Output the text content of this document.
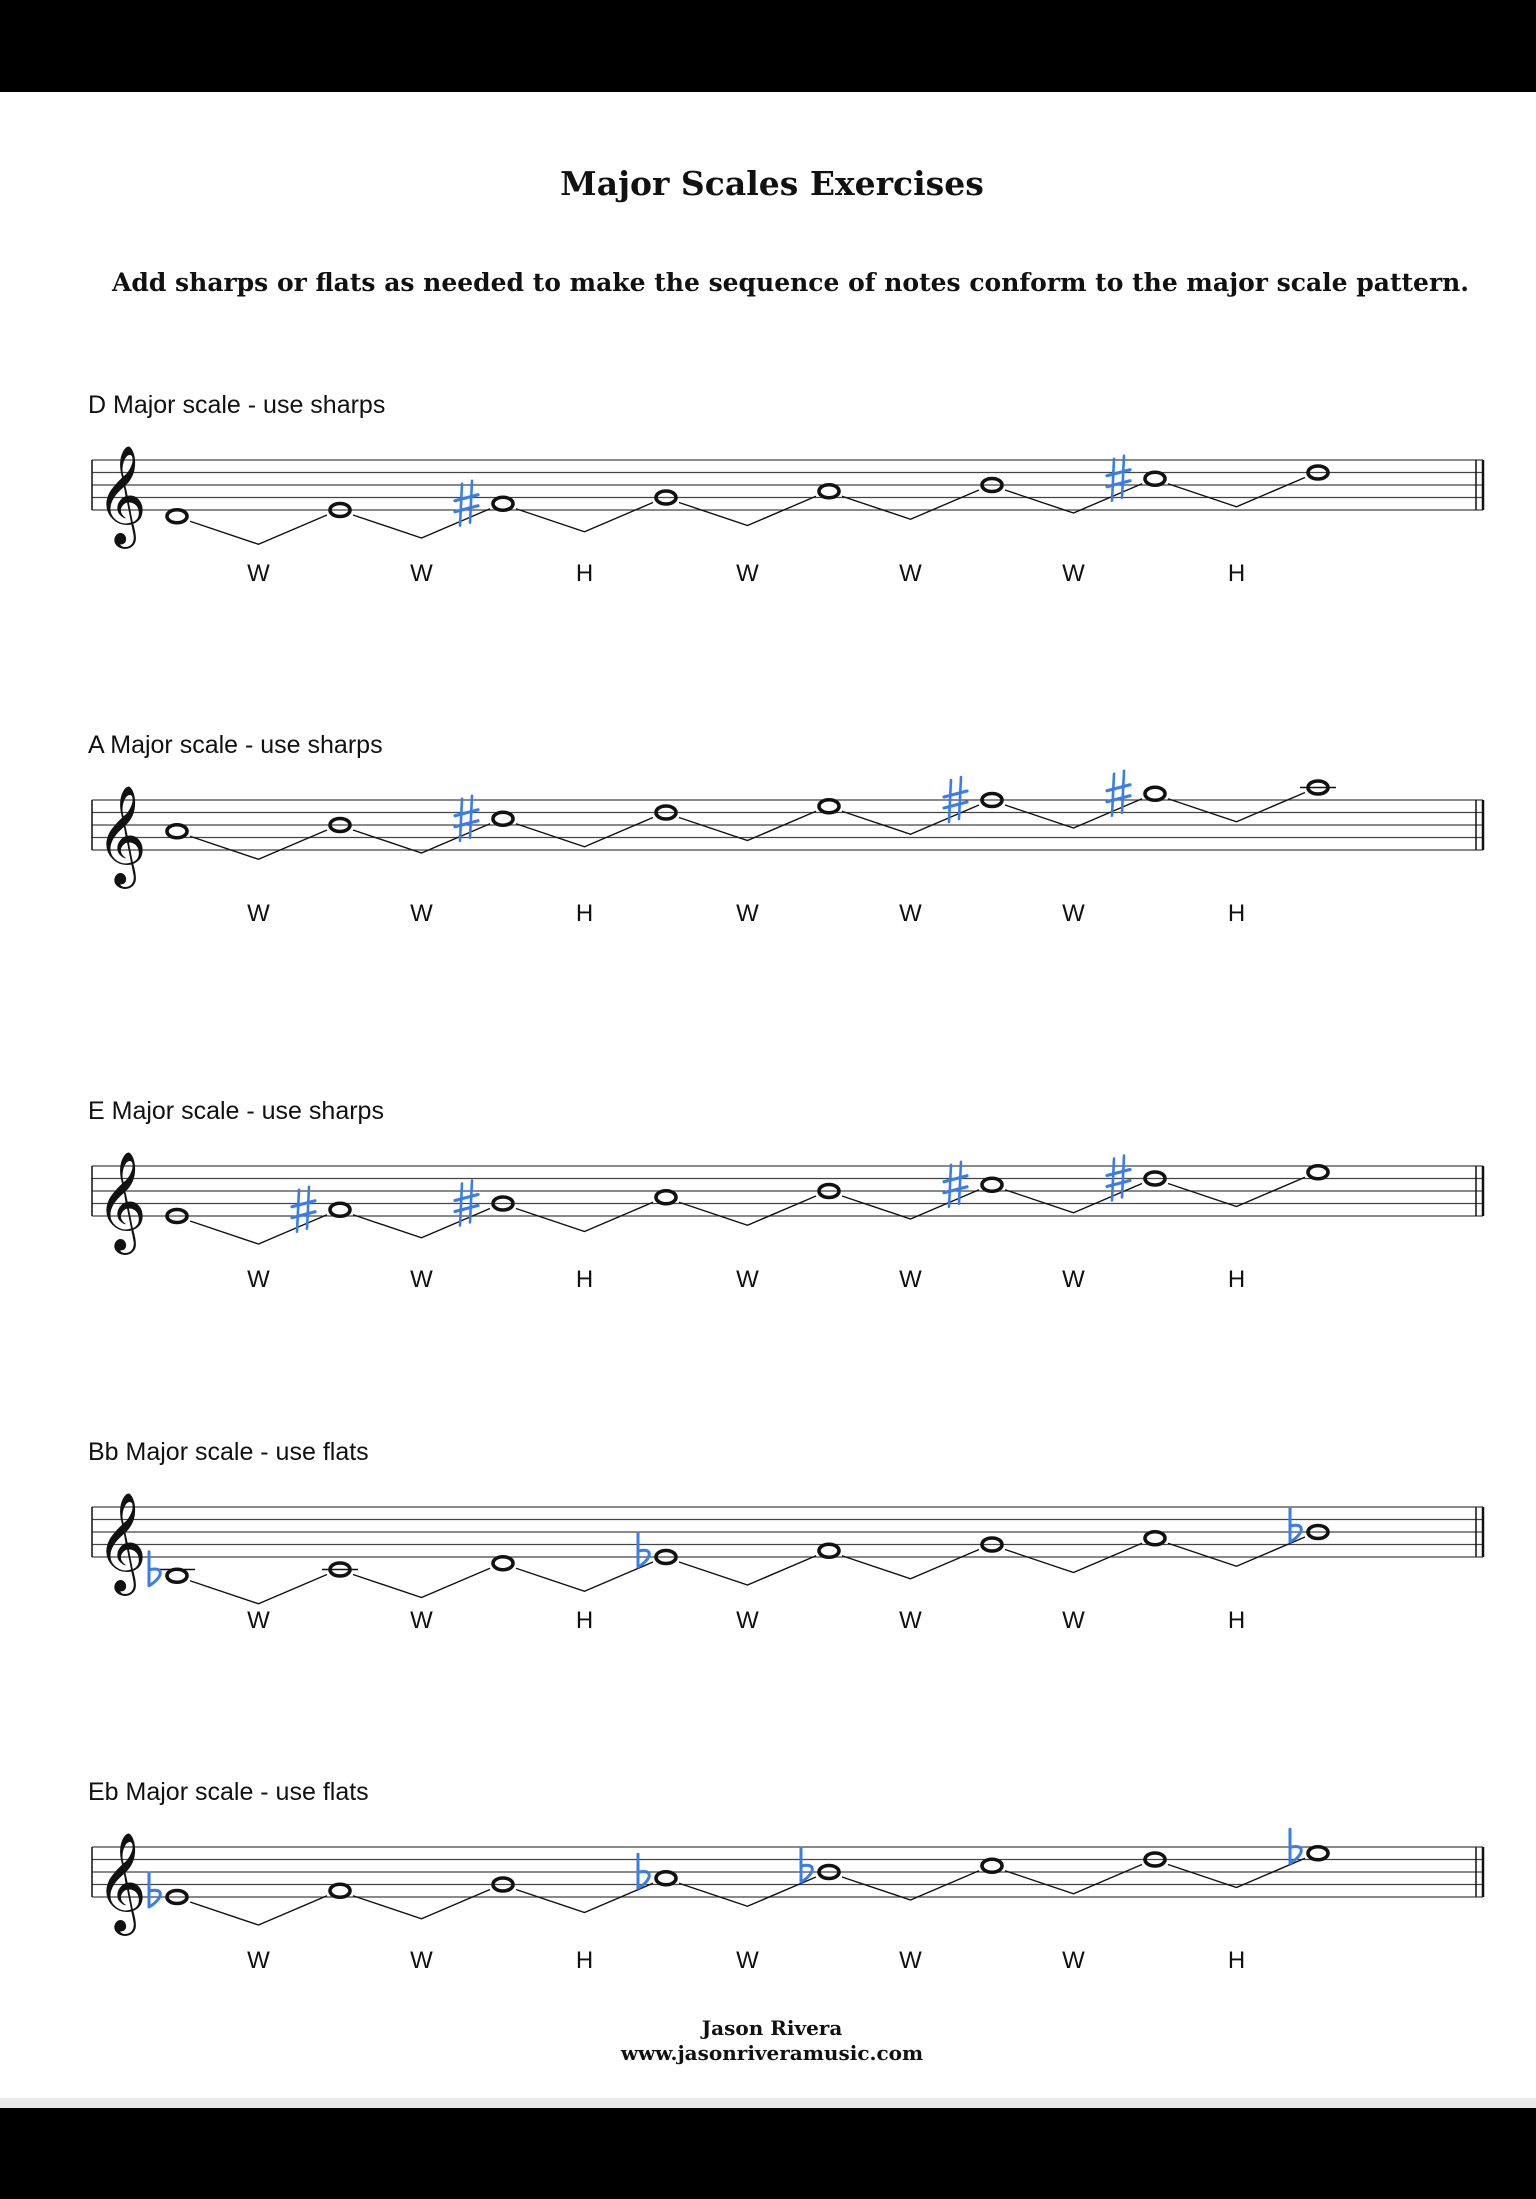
Major Scales Exercises
Add sharps or flats as needed to make the sequence of notes conform to the major scale pattern.
D Major scale - use sharps
A Major scale - use sharps
E Major scale - use sharps
Bb Major scale - use flats
Eb Major scale - use flats
𝄞
W	W	H	W	W	W	H
𝄞
W	W	H	W	W	W	H
𝄞
W	W	H	W	W	W	H
𝄞
W	W	H	W	W	W	H
𝄞
W	W	H	W	W	W	H
Jason Rivera
www.jasonriveramusic.com
